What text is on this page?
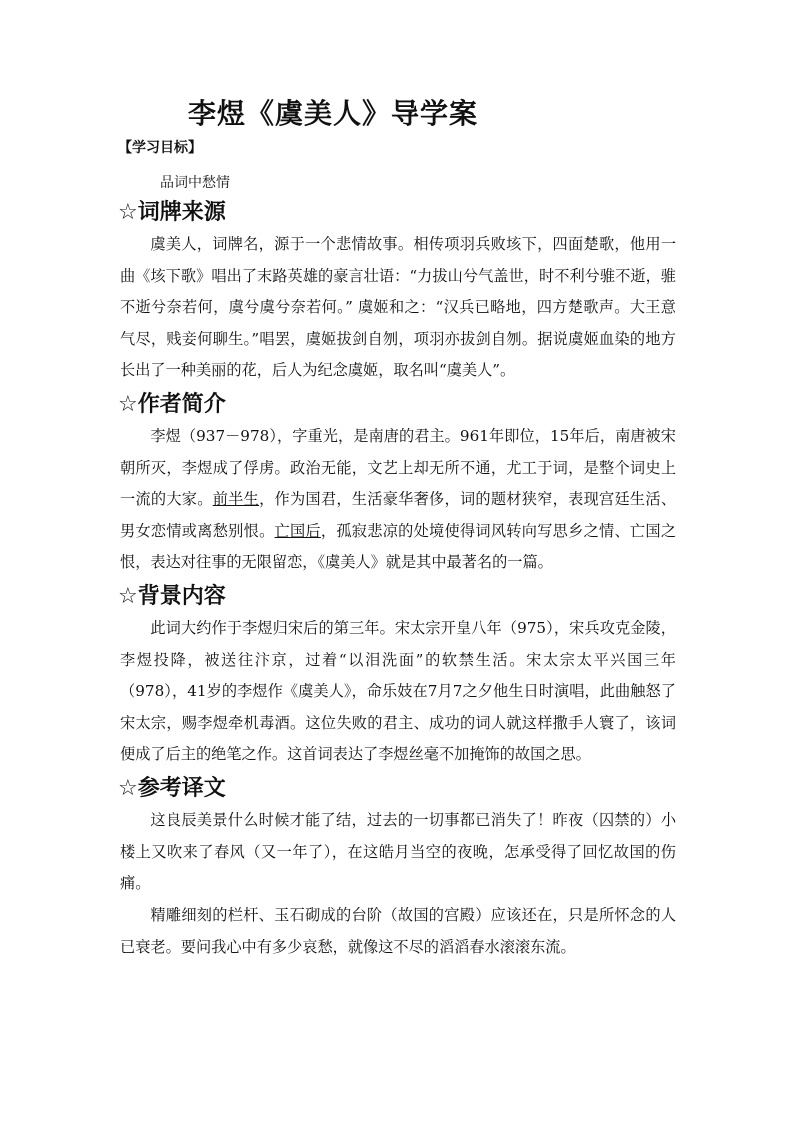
李煜《虞美人》导学案
【学习目标】
品词中愁情
☆词牌来源

虞美人，词牌名，源于一个悲情故事。相传项羽兵败垓下，四面楚歌，他用一曲《垓下歌》唱出了末路英雄的豪言壮语：“力拔山兮气盖世，时不利兮骓不逝，骓不逝兮奈若何，虞兮虞兮奈若何。” 虞姬和之：“汉兵已略地，四方楚歌声。大王意气尽，贱妾何聊生。”唱罢，虞姬拔剑自刎，项羽亦拔剑自刎。据说虞姬血染的地方长出了一种美丽的花，后人为纪念虞姬，取名叫“虞美人”。

☆作者简介

李煜（937－978），字重光，是南唐的君主。961年即位，15年后，南唐被宋朝所灭，李煜成了俘虏。政治无能，文艺上却无所不通，尤工于词，是整个词史上一流的大家。前半生，作为国君，生活豪华奢侈，词的题材狭窄，表现宫廷生活、男女恋情或离愁别恨。亡国后，孤寂悲凉的处境使得词风转向写思乡之情、亡国之恨，表达对往事的无限留恋，《虞美人》就是其中最著名的一篇。

☆背景内容

此词大约作于李煜归宋后的第三年。宋太宗开皇八年（975），宋兵攻克金陵，李煜投降，被送往汴京，过着“以泪洗面”的软禁生活。宋太宗太平兴国三年（978），41岁的李煜作《虞美人》，命乐妓在7月7之夕他生日时演唱，此曲触怒了宋太宗，赐李煜牵机毒酒。这位失败的君主、成功的词人就这样撒手人寰了，该词便成了后主的绝笔之作。这首词表达了李煜丝毫不加掩饰的故国之思。

☆参考译文

这良辰美景什么时候才能了结，过去的一切事都已消失了！昨夜（囚禁的）小楼上又吹来了春风（又一年了），在这皓月当空的夜晚，怎承受得了回忆故国的伤痛。

精雕细刻的栏杆、玉石砌成的台阶（故国的宫殿）应该还在，只是所怀念的人已衰老。要问我心中有多少哀愁，就像这不尽的滔滔春水滚滚东流。
